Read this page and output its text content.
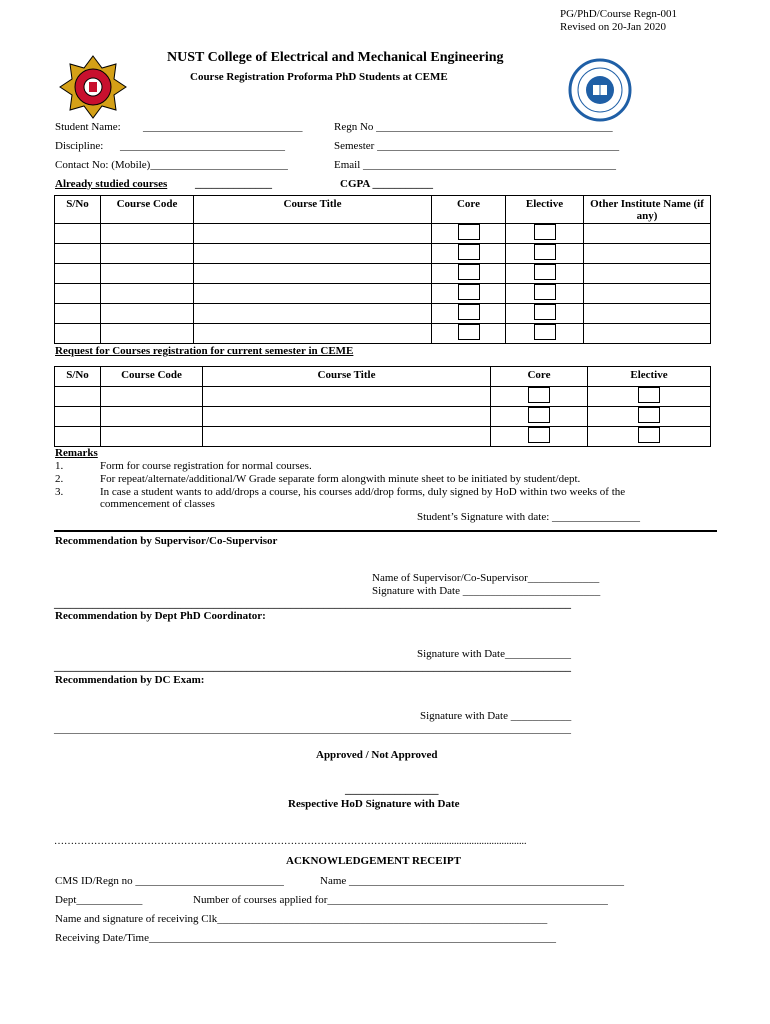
PG/PhD/Course Regn-001
Revised on 20-Jan 2020

NUST College of Electrical and Mechanical Engineering
Course Registration Proforma PhD Students at CEME
Student Name: _____________________________	Regn No ___________________________________________
Discipline: ______________________________	Semester ____________________________________________
Contact No: (Mobile)_________________________	Email ______________________________________________
Already studied courses	______________	CGPA ___________
S/No	Course Code	Course Title	Core	Elective	Other Institute Name (if any)

Request for Courses registration for current semester in CEME
S/No	Course Code	Course Title	Core	Elective

Remarks
1.	Form for course registration for normal courses.
2.	For repeat/alternate/additional/W Grade separate form alongwith minute sheet to be initiated by student/dept.
3.	In case a student wants to add/drops a course, his courses add/drop forms, duly signed by HoD within two weeks of the
commencement of classes
Student’s Signature with date: ________________
Recommendation by Supervisor/Co-Supervisor
Name of Supervisor/Co-Supervisor_____________
Signature with Date _________________________
______________________________________________________________________________________________
Recommendation by Dept PhD Coordinator:
Signature with Date____________
______________________________________________________________________________________________
Recommendation by DC Exam:
Signature with Date ___________
______________________________________________________________________________________________
Approved / Not Approved
_________________
Respective HoD Signature with Date
………………………………………………………………………………………………….........................................
ACKNOWLEDGEMENT RECEIPT
CMS ID/Regn no ___________________________	Name __________________________________________________
Dept____________	Number of courses applied for___________________________________________________
Name and signature of receiving Clk____________________________________________________________
Receiving Date/Time__________________________________________________________________________
